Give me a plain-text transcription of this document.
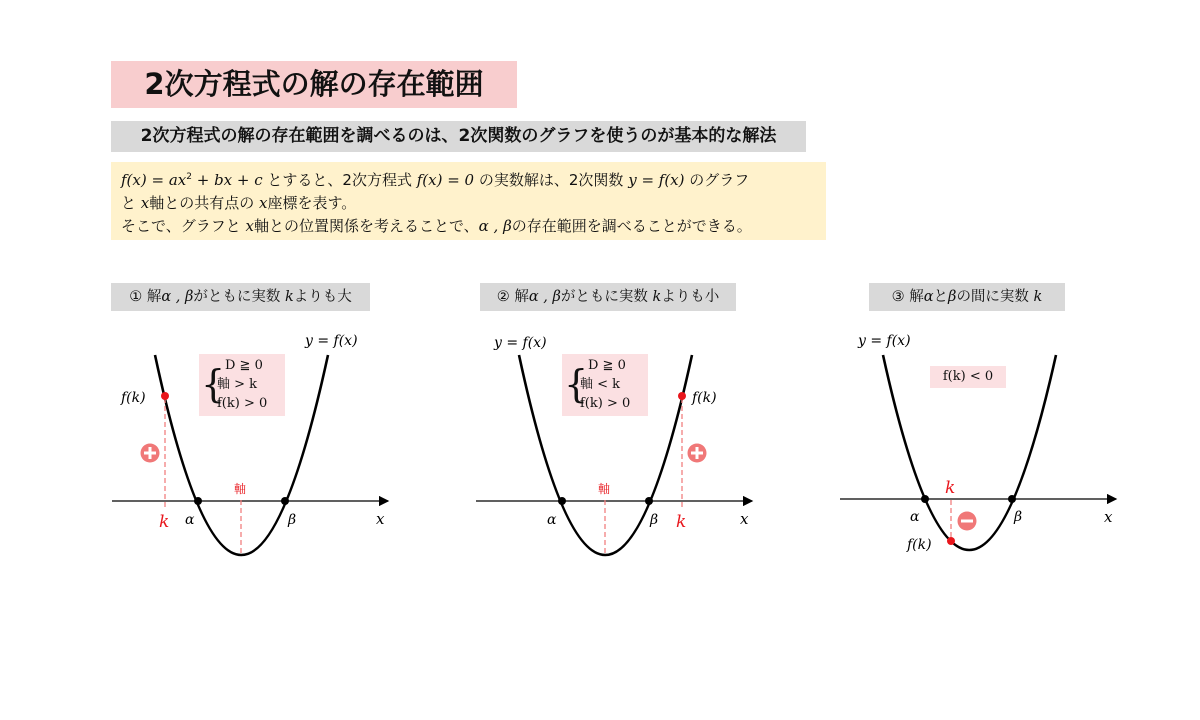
2次方程式の解の存在範囲
2次方程式の解の存在範囲を調べるのは、2次関数のグラフを使うのが基本的な解法
$f(x) = ax^2$ + bx + c とすると、2次方程式 f(x) = 0 の実数解は、2次関数 y = f(x) のグラフ
と x軸との共有点の x座標を表す。
そこで、グラフと x軸との位置関係を考えることで、α , βの存在範囲を調べることができる。
① 解α , βがともに実数 kよりも大	② 解α , βがともに実数 kよりも小	③ 解αとβの間に実数 k
{ D ≧ 0
軸 > k
f(k) > 0	{ D ≧ 0
軸 < k
f(k) > 0
f(k) < 0
y = f(x)
f(k)
軸
α	β
k	x
y = f(x)
f(k)
軸
α	β k	x
y = f(x)
f(k)
α	β
k
x
